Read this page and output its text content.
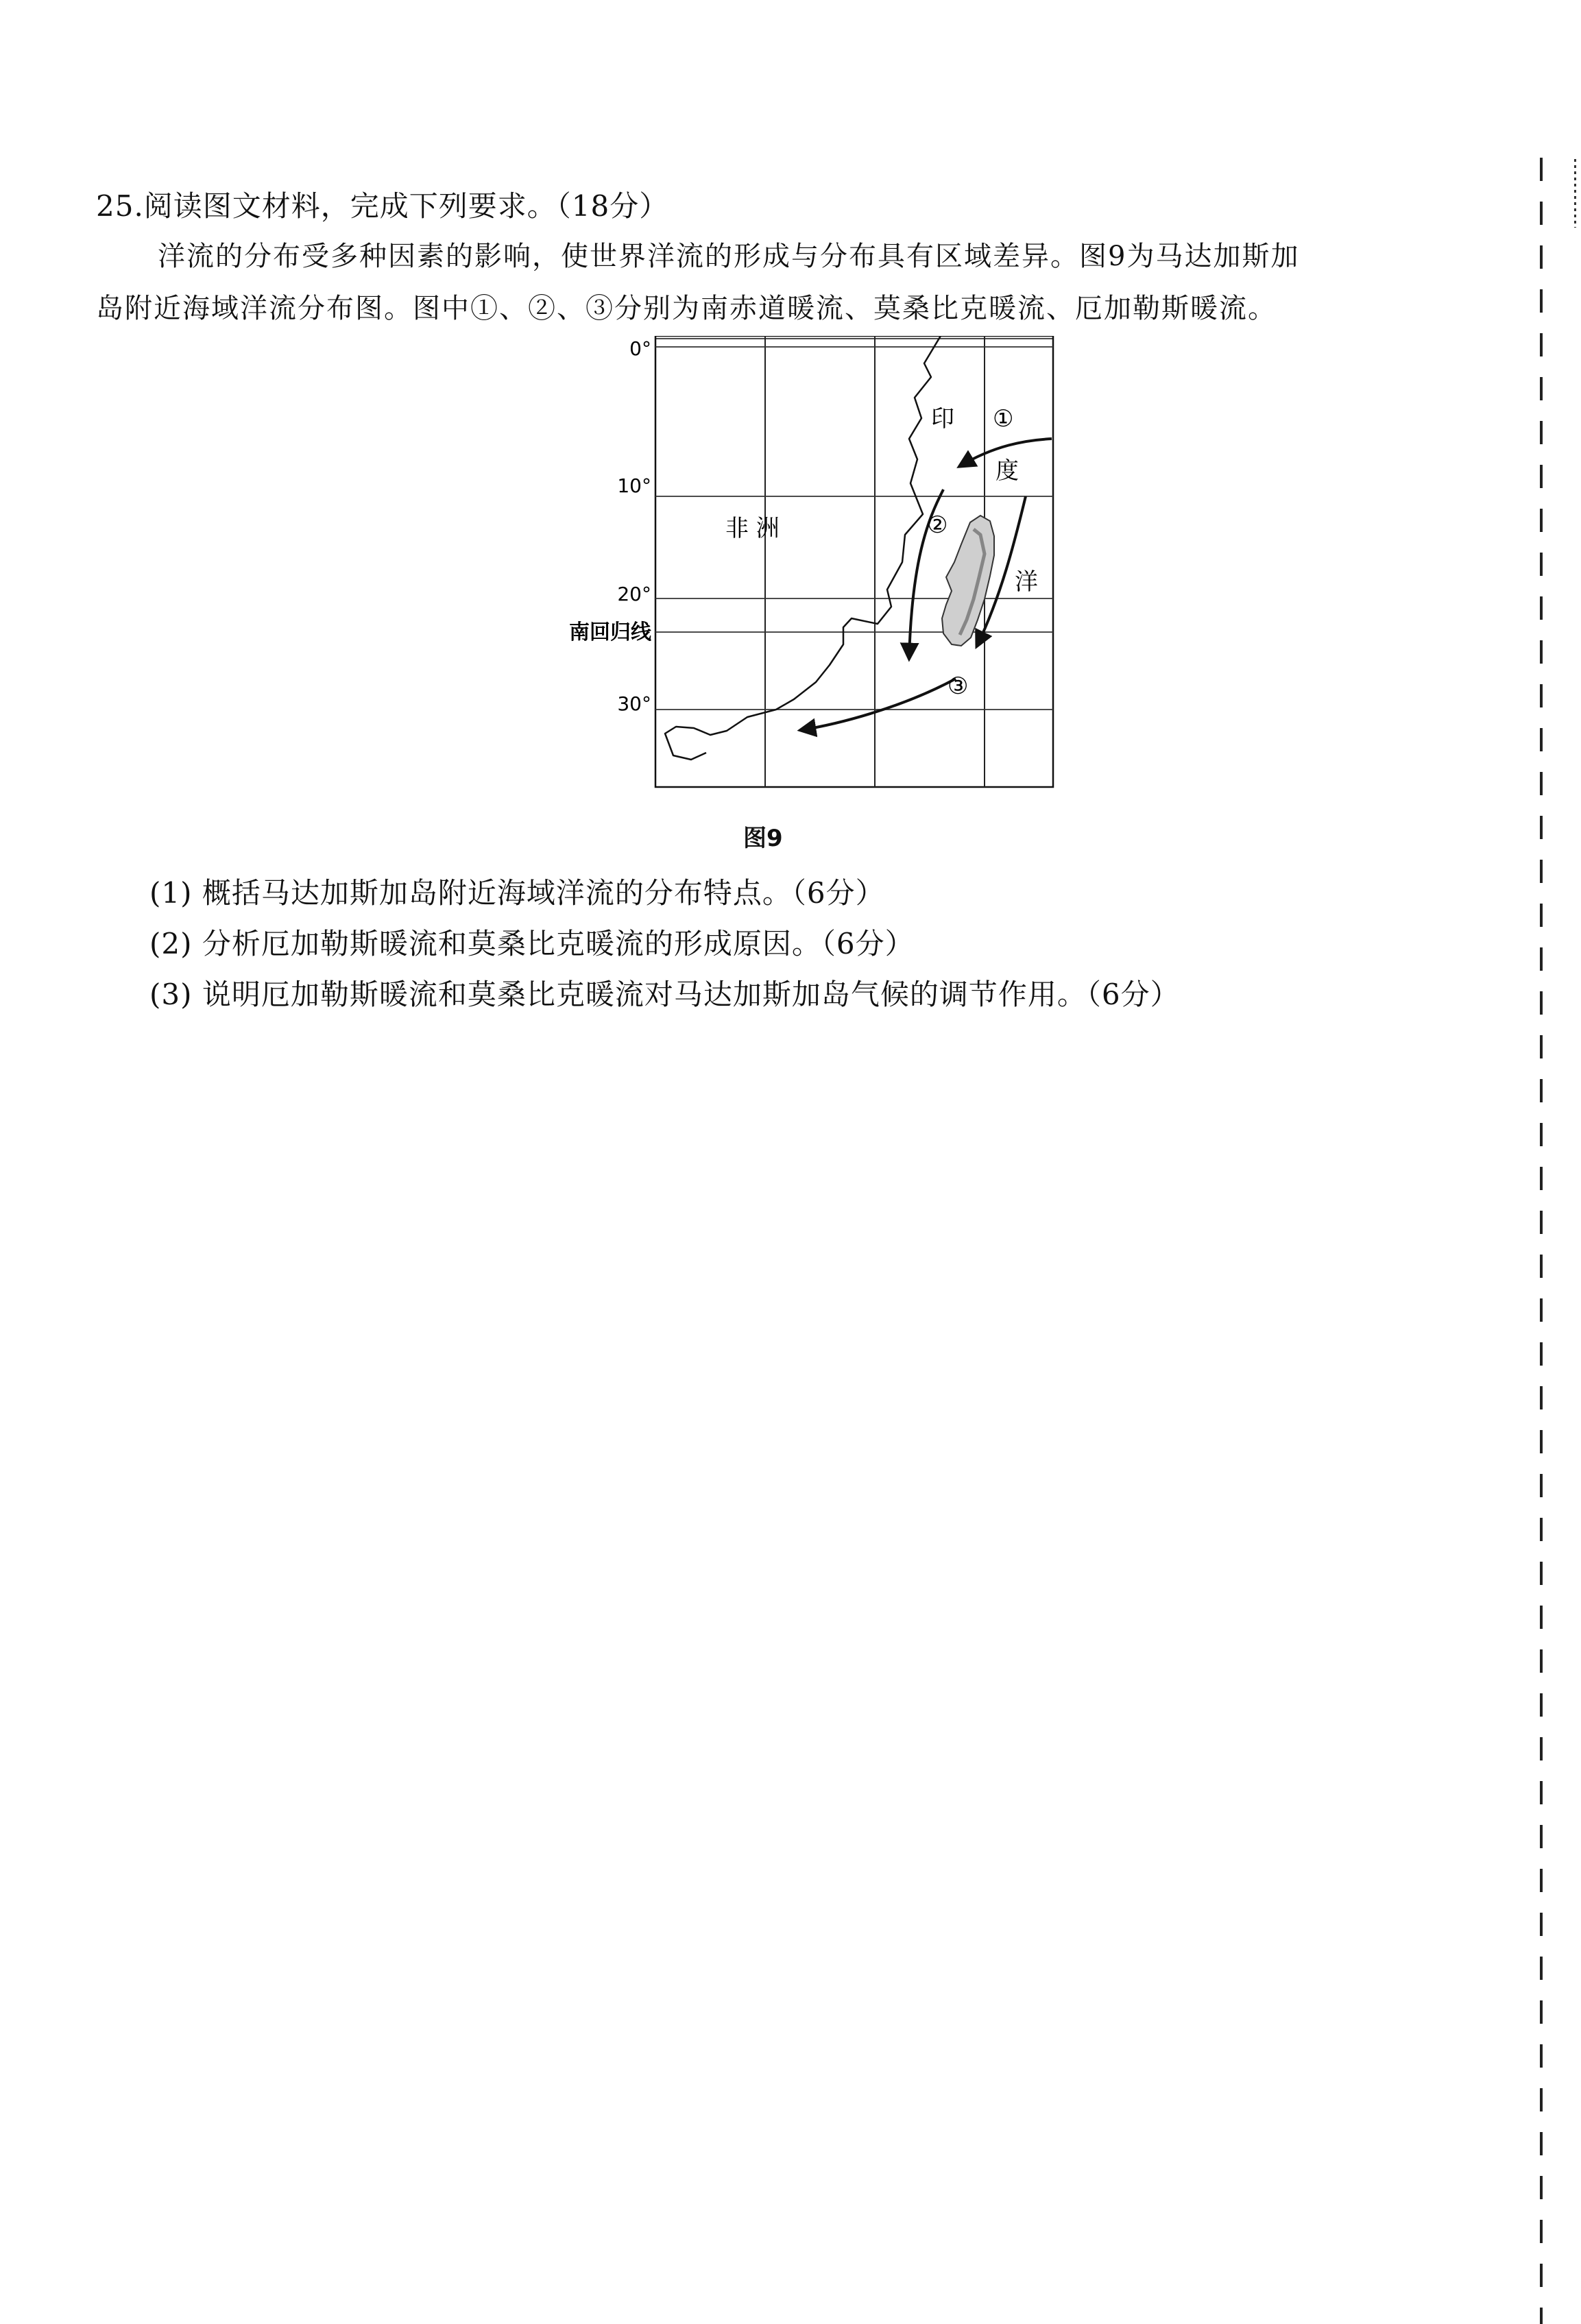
25.阅读图文材料，完成下列要求。（18分）
洋流的分布受多种因素的影响，使世界洋流的形成与分布具有区域差异。图9为马达加斯加
岛附近海域洋流分布图。图中①、②、③分别为南赤道暖流、莫桑比克暖流、厄加勒斯暖流。
0°
10°
20°
南回归线
30°
非 洲
印
度
洋
①
②
③
图9
(1) 概括马达加斯加岛附近海域洋流的分布特点。（6分）
(2) 分析厄加勒斯暖流和莫桑比克暖流的形成原因。（6分）
(3) 说明厄加勒斯暖流和莫桑比克暖流对马达加斯加岛气候的调节作用。（6分）
